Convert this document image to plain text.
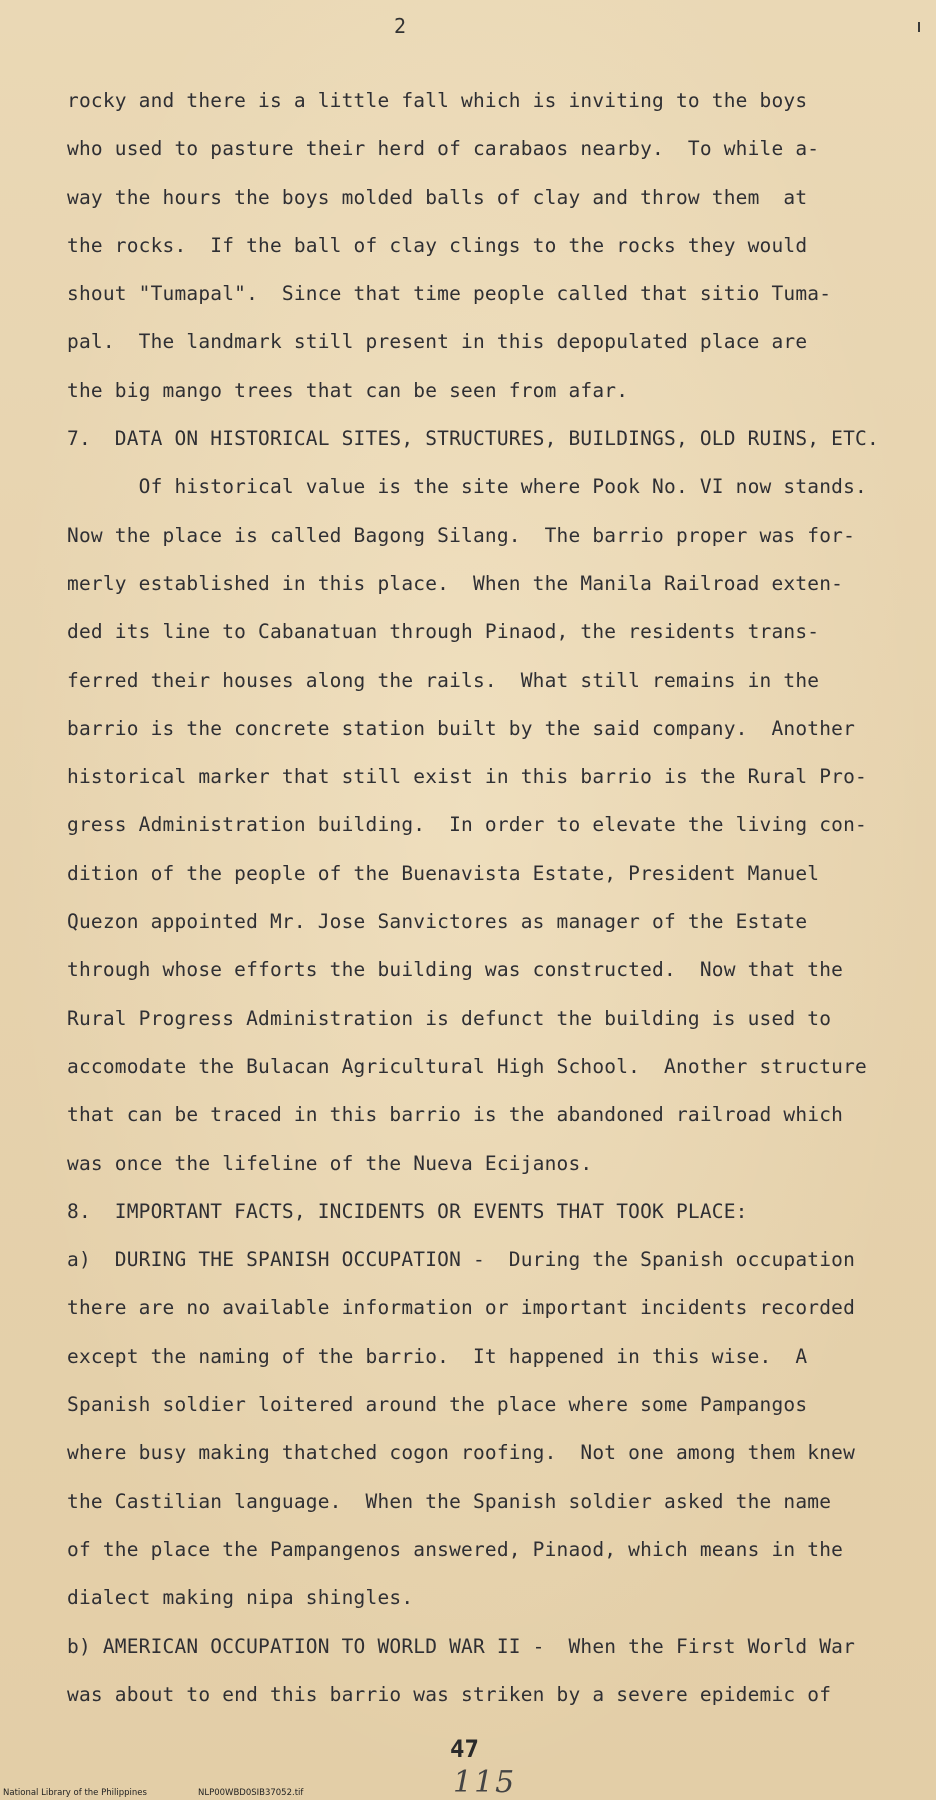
2
rocky and there is a little fall which is inviting to the boys
who used to pasture their herd of carabaos nearby.  To while a-
way the hours the boys molded balls of clay and throw them  at
the rocks.  If the ball of clay clings to the rocks they would
shout "Tumapal".  Since that time people called that sitio Tuma-
pal.  The landmark still present in this depopulated place are
the big mango trees that can be seen from afar.
7.  DATA ON HISTORICAL SITES, STRUCTURES, BUILDINGS, OLD RUINS, ETC.
Of historical value is the site where Pook No. VI now stands.
Now the place is called Bagong Silang.  The barrio proper was for-
merly established in this place.  When the Manila Railroad exten-
ded its line to Cabanatuan through Pinaod, the residents trans-
ferred their houses along the rails.  What still remains in the
barrio is the concrete station built by the said company.  Another
historical marker that still exist in this barrio is the Rural Pro-
gress Administration building.  In order to elevate the living con-
dition of the people of the Buenavista Estate, President Manuel
Quezon appointed Mr. Jose Sanvictores as manager of the Estate
through whose efforts the building was constructed.  Now that the
Rural Progress Administration is defunct the building is used to
accomodate the Bulacan Agricultural High School.  Another structure
that can be traced in this barrio is the abandoned railroad which
was once the lifeline of the Nueva Ecijanos.
8.  IMPORTANT FACTS, INCIDENTS OR EVENTS THAT TOOK PLACE:
a)  DURING THE SPANISH OCCUPATION -  During the Spanish occupation
there are no available information or important incidents recorded
except the naming of the barrio.  It happened in this wise.  A
Spanish soldier loitered around the place where some Pampangos
where busy making thatched cogon roofing.  Not one among them knew
the Castilian language.  When the Spanish soldier asked the name
of the place the Pampangenos answered, Pinaod, which means in the
dialect making nipa shingles.
b) AMERICAN OCCUPATION TO WORLD WAR II -  When the First World War
was about to end this barrio was striken by a severe epidemic of
47
115
National Library of the Philippines	NLP00WBD0SIB37052.tif
